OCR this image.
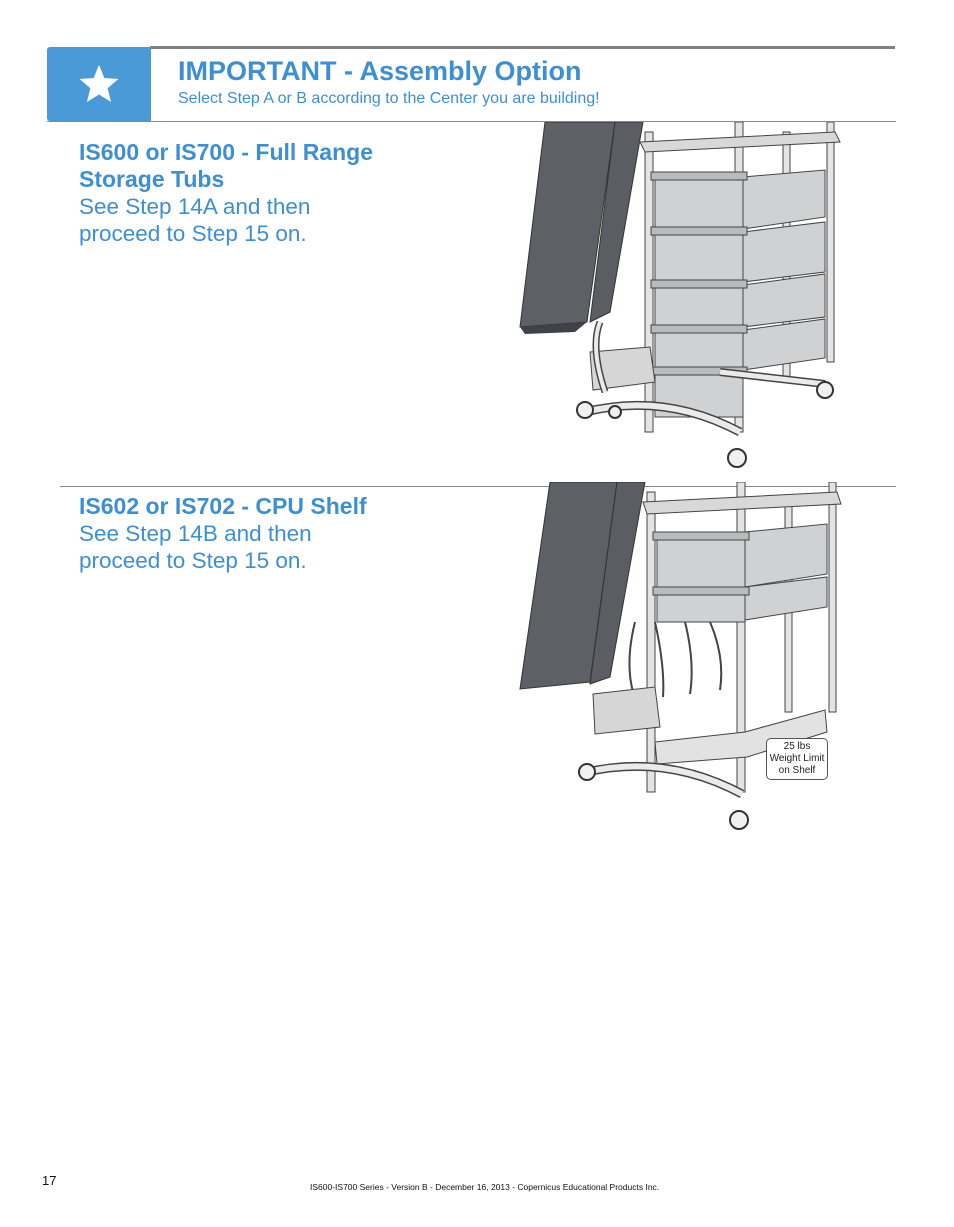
IMPORTANT - Assembly Option
Select Step A or B according to the Center you are building!
IS600 or IS700 - Full Range
Storage Tubs
See Step 14A and then
proceed to Step 15 on.
IS602 or IS702 - CPU Shelf
See Step 14B and then
proceed to Step 15 on.
25 lbs
Weight Limit
on Shelf
17	IS600-IS700 Series - Version B - December 16, 2013 - Copernicus Educational Products Inc.
